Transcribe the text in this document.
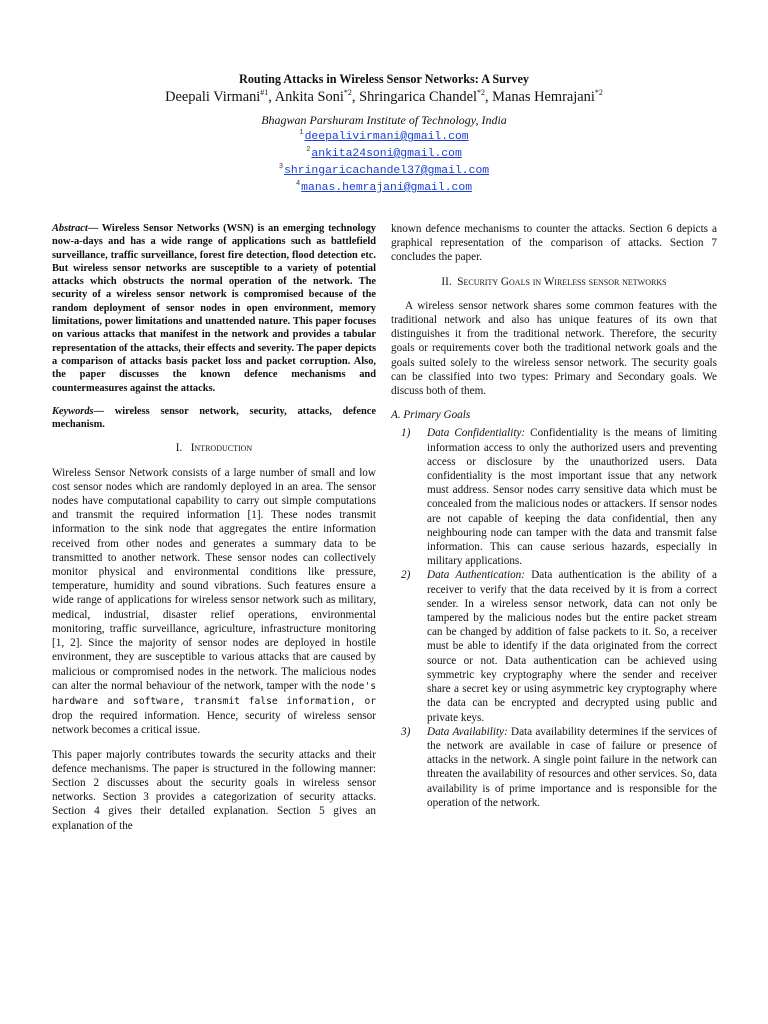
Routing Attacks in Wireless Sensor Networks: A Survey
Deepali Virmani$^{\#1}$, Ankita Soni$^{*2}$, Shringarica Chandel$^{*2}$, Manas Hemrajani$^{*2}$
Bhagwan Parshuram Institute of Technology, India
$^1$deepalivirmani@gmail.com
$^2$ankita24soni@gmail.com
$^3$shringaricachandel37@gmail.com
$^4$manas.hemrajani@gmail.com

Abstract— Wireless Sensor Networks (WSN) is an emerging technology now-a-days and has a wide range of applications such as battlefield surveillance, traffic surveillance, forest fire detection, flood detection etc. But wireless sensor networks are susceptible to a variety of potential attacks which obstructs the normal operation of the network. The security of a wireless sensor network is compromised because of the random deployment of sensor nodes in open environment, memory limitations, power limitations and unattended nature. This paper focuses on various attacks that manifest in the network and provides a tabular representation of the attacks, their effects and severity. The paper depicts a comparison of attacks basis packet loss and packet corruption. Also, the paper discusses the known defence mechanisms and countermeasures against the attacks.

Keywords— wireless sensor network, security, attacks, defence mechanism.

I. Introduction

Wireless Sensor Network consists of a large number of small and low cost sensor nodes which are randomly deployed in an area. The sensor nodes have computational capability to carry out simple computations and transmit the required information [1]. These nodes transmit information to the sink node that aggregates the entire information received from other nodes and generates a summary data to be transmitted to another network. These sensor nodes can collectively monitor physical and environmental conditions like pressure, temperature, humidity and sound vibrations. Such features ensure a wide range of applications for wireless sensor network such as military, medical, industrial, disaster relief operations, environmental monitoring, traffic surveillance, agriculture, infrastructure monitoring [1, 2]. Since the majority of sensor nodes are deployed in hostile environment, they are susceptible to various attacks that are caused by malicious or compromised nodes in the network. The malicious nodes can alter the normal behaviour of the network, tamper with the node's hardware and software, transmit false information, or drop the required information. Hence, security of wireless sensor network becomes a critical issue.

This paper majorly contributes towards the security attacks and their defence mechanisms. The paper is structured in the following manner: Section 2 discusses about the security goals in wireless sensor networks. Section 3 provides a categorization of security attacks. Section 4 gives their detailed explanation. Section 5 gives an explanation of the

known defence mechanisms to counter the attacks. Section 6 depicts a graphical representation of the comparison of attacks. Section 7 concludes the paper.

II. Security Goals in Wireless sensor networks

A wireless sensor network shares some common features with the traditional network and also has unique features of its own that distinguishes it from the traditional network. Therefore, the security goals or requirements cover both the traditional network goals and the goals suited solely to the wireless sensor network. The security goals can be classified into two types: Primary and Secondary goals. We discuss both of them.

A. Primary Goals
1)	Data Confidentiality: Confidentiality is the means of limiting information access to only the authorized users and preventing access or disclosure by the unauthorized users. Data confidentiality is the most important issue that any network must address. Sensor nodes carry sensitive data which must be concealed from the malicious nodes or attackers. If sensor nodes are not capable of keeping the data confidential, then any neighbouring node can tamper with the data and transmit false information. This can cause serious hazards, especially in military applications.
2)	Data Authentication: Data authentication is the ability of a receiver to verify that the data received by it is from a correct sender. In a wireless sensor network, data can not only be tampered by the malicious nodes but the entire packet stream can be changed by addition of false packets to it. So, a receiver must be able to identify if the data originated from the correct source or not. Data authentication can be achieved using symmetric key cryptography where the sender and receiver share a secret key or using asymmetric key cryptography where the data can be encrypted and decrypted using public and private keys.
3)	Data Availability: Data availability determines if the services of the network are available in case of failure or presence of attacks in the network. A single point failure in the network can threaten the availability of resources and other services. So, data availability is of prime importance and is responsible for the operation of the network.
